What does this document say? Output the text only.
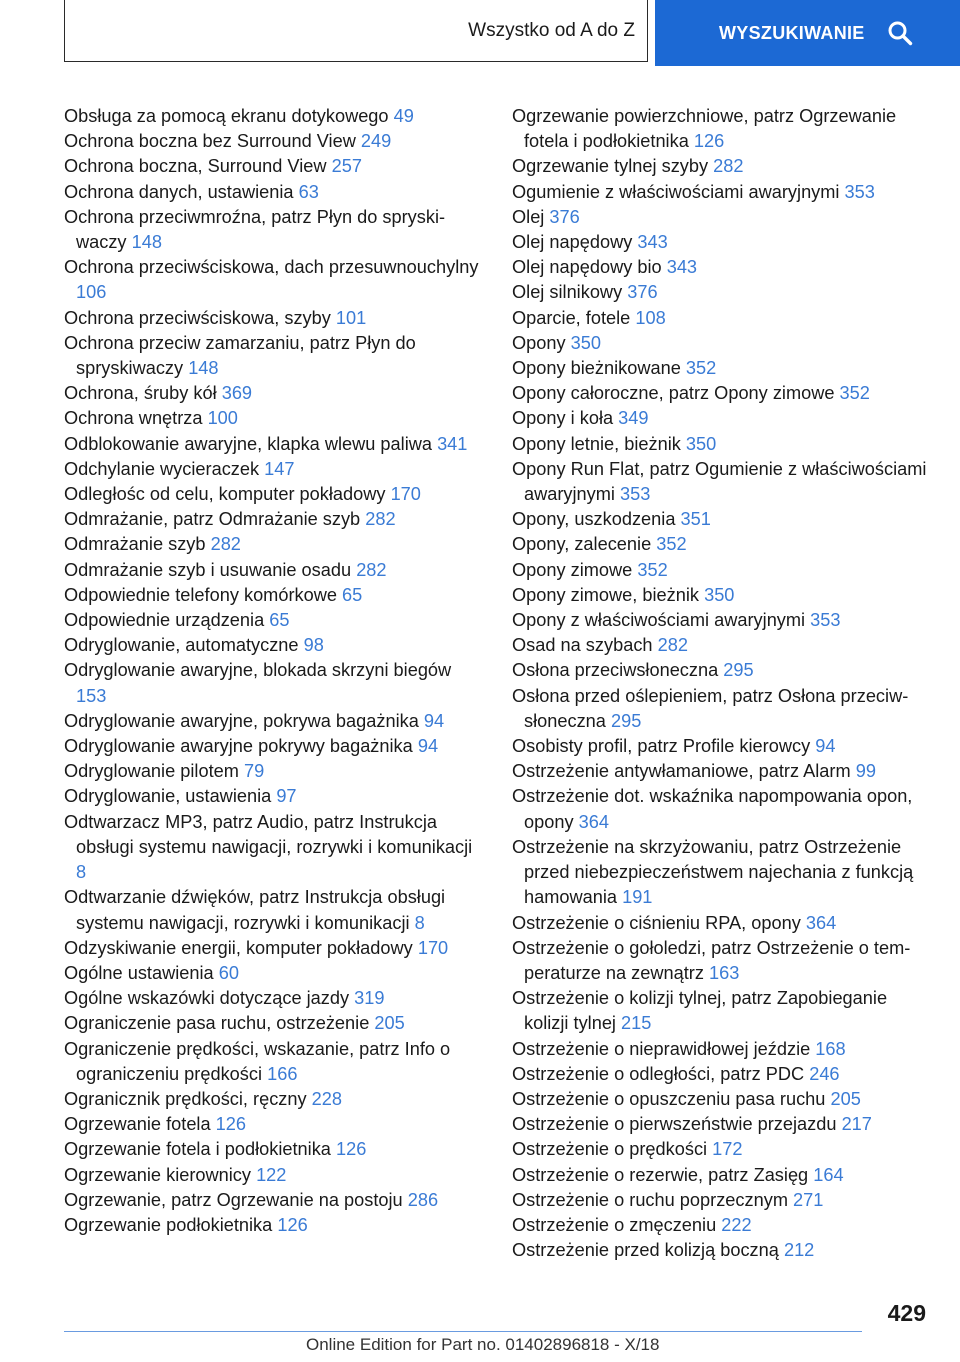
Wszystko od A do Z	WYSZUKIWANIE
Obsługa za pomocą ekranu dotykowego 49
Ochrona boczna bez Surround View 249
Ochrona boczna, Surround View 257
Ochrona danych, ustawienia 63
Ochrona przeciwmroźna, patrz Płyn do spryskiwaczy 148
Ochrona przeciwściskowa, dach przesuwnouchylny 106
Ochrona przeciwściskowa, szyby 101
Ochrona przeciw zamarzaniu, patrz Płyn do spryskiwaczy 148
Ochrona, śruby kół 369
Ochrona wnętrza 100
Odblokowanie awaryjne, klapka wlewu paliwa 341
Odchylanie wycieraczek 147
Odległośc od celu, komputer pokładowy 170
Odmrażanie, patrz Odmrażanie szyb 282
Odmrażanie szyb 282
Odmrażanie szyb i usuwanie osadu 282
Odpowiednie telefony komórkowe 65
Odpowiednie urządzenia 65
Odryglowanie, automatyczne 98
Odryglowanie awaryjne, blokada skrzyni biegów 153
Odryglowanie awaryjne, pokrywa bagażnika 94
Odryglowanie awaryjne pokrywy bagażnika 94
Odryglowanie pilotem 79
Odryglowanie, ustawienia 97
Odtwarzacz MP3, patrz Audio, patrz Instrukcja obsługi systemu nawigacji, rozrywki i komunikacji 8
Odtwarzanie dźwięków, patrz Instrukcja obsługi systemu nawigacji, rozrywki i komunikacji 8
Odzyskiwanie energii, komputer pokładowy 170
Ogólne ustawienia 60
Ogólne wskazówki dotyczące jazdy 319
Ograniczenie pasa ruchu, ostrzeżenie 205
Ograniczenie prędkości, wskazanie, patrz Info o ograniczeniu prędkości 166
Ogranicznik prędkości, ręczny 228
Ogrzewanie fotela 126
Ogrzewanie fotela i podłokietnika 126
Ogrzewanie kierownicy 122
Ogrzewanie, patrz Ogrzewanie na postoju 286
Ogrzewanie podłokietnika 126
Ogrzewanie powierzchniowe, patrz Ogrzewanie fotela i podłokietnika 126
Ogrzewanie tylnej szyby 282
Ogumienie z właściwościami awaryjnymi 353
Olej 376
Olej napędowy 343
Olej napędowy bio 343
Olej silnikowy 376
Oparcie, fotele 108
Opony 350
Opony bieżnikowane 352
Opony całoroczne, patrz Opony zimowe 352
Opony i koła 349
Opony letnie, bieżnik 350
Opony Run Flat, patrz Ogumienie z właściwościami awaryjnymi 353
Opony, uszkodzenia 351
Opony, zalecenie 352
Opony zimowe 352
Opony zimowe, bieżnik 350
Opony z właściwościami awaryjnymi 353
Osad na szybach 282
Osłona przeciwsłoneczna 295
Osłona przed oślepieniem, patrz Osłona przeciwsłoneczna 295
Osobisty profil, patrz Profile kierowcy 94
Ostrzeżenie antywłamaniowe, patrz Alarm 99
Ostrzeżenie dot. wskaźnika napompowania opon, opony 364
Ostrzeżenie na skrzyżowaniu, patrz Ostrzeżenie przed niebezpieczeństwem najechania z funkcją hamowania 191
Ostrzeżenie o ciśnieniu RPA, opony 364
Ostrzeżenie o gołoledzi, patrz Ostrzeżenie o temperaturze na zewnątrz 163
Ostrzeżenie o kolizji tylnej, patrz Zapobieganie kolizji tylnej 215
Ostrzeżenie o nieprawidłowej jeździe 168
Ostrzeżenie o odległości, patrz PDC 246
Ostrzeżenie o opuszczeniu pasa ruchu 205
Ostrzeżenie o pierwszeństwie przejazdu 217
Ostrzeżenie o prędkości 172
Ostrzeżenie o rezerwie, patrz Zasięg 164
Ostrzeżenie o ruchu poprzecznym 271
Ostrzeżenie o zmęczeniu 222
Ostrzeżenie przed kolizją boczną 212
429
Online Edition for Part no. 01402896818 - X/18
